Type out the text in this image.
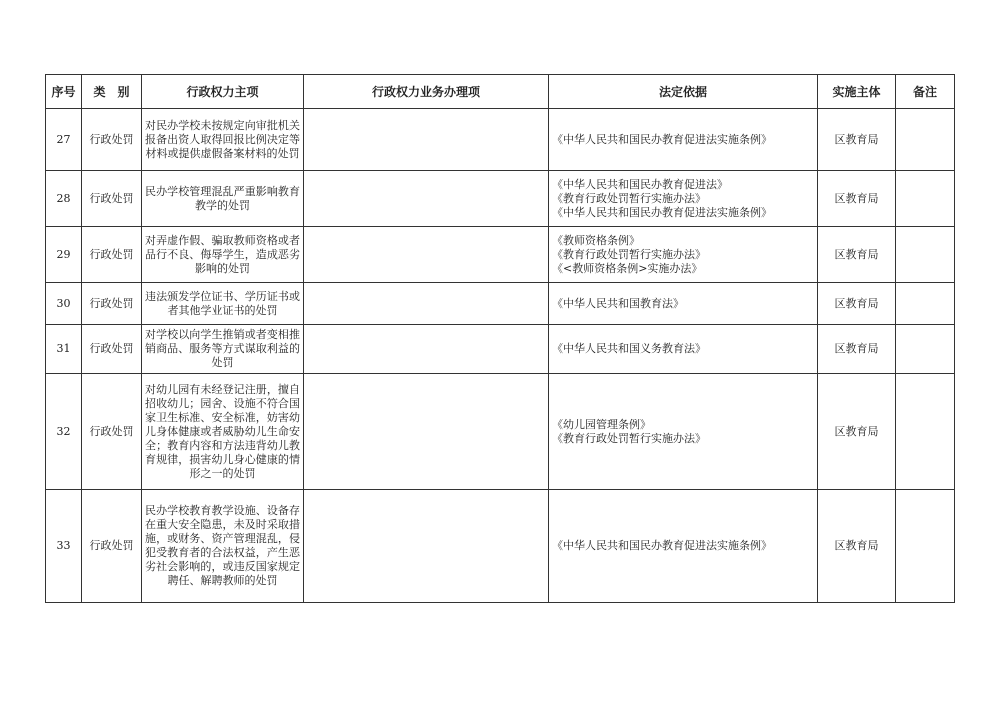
序号	类　别	行政权力主项	行政权力业务办理项	法定依据	实施主体	备注
27	行政处罚	对民办学校未按规定向审批机关报备出资人取得回报比例决定等材料或提供虚假备案材料的处罚		《中华人民共和国民办教育促进法实施条例》	区教育局	
28	行政处罚	民办学校管理混乱严重影响教育教学的处罚		《中华人民共和国民办教育促进法》
《教育行政处罚暂行实施办法》
《中华人民共和国民办教育促进法实施条例》	区教育局	
29	行政处罚	对弄虚作假、骗取教师资格或者品行不良、侮辱学生，造成恶劣影响的处罚		《教师资格条例》
《教育行政处罚暂行实施办法》
《<教师资格条例>实施办法》	区教育局	
30	行政处罚	违法颁发学位证书、学历证书或者其他学业证书的处罚		《中华人民共和国教育法》	区教育局	
31	行政处罚	对学校以向学生推销或者变相推销商品、服务等方式谋取利益的处罚		《中华人民共和国义务教育法》	区教育局	
32	行政处罚	对幼儿园有未经登记注册，擅自招收幼儿；园舍、设施不符合国家卫生标准、安全标准，妨害幼儿身体健康或者威胁幼儿生命安全；教育内容和方法违背幼儿教育规律，损害幼儿身心健康的情形之一的处罚		《幼儿园管理条例》
《教育行政处罚暂行实施办法》	区教育局	
33	行政处罚	民办学校教育教学设施、设备存在重大安全隐患，未及时采取措施，或财务、资产管理混乱，侵犯受教育者的合法权益，产生恶劣社会影响的，或违反国家规定聘任、解聘教师的处罚		《中华人民共和国民办教育促进法实施条例》	区教育局	
